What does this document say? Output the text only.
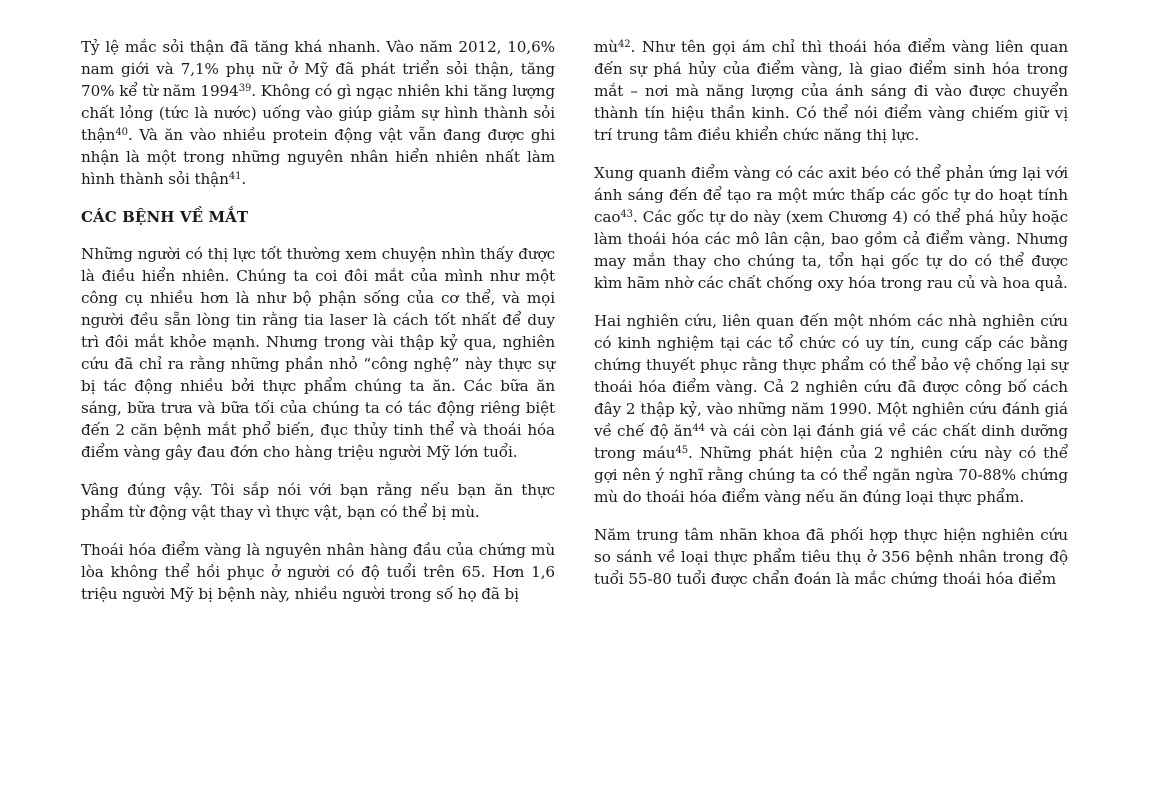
Tỷ lệ mắc sỏi thận đã tăng khá nhanh. Vào năm 2012, 10,6% nam giới và 7,1% phụ nữ ở Mỹ đã phát triển sỏi thận, tăng 70% kể từ năm 1994$^{39}$. Không có gì ngạc nhiên khi tăng lượng chất lỏng (tức là nước) uống vào giúp giảm sự hình thành sỏi thận$^{40}$. Và ăn vào nhiều protein động vật vẫn đang được ghi nhận là một trong những nguyên nhân hiển nhiên nhất làm hình thành sỏi thận$^{41}$.

CÁC BỆNH VỀ MẮT

Những người có thị lực tốt thường xem chuyện nhìn thấy được là điều hiển nhiên. Chúng ta coi đôi mắt của mình như một công cụ nhiều hơn là như bộ phận sống của cơ thể, và mọi người đều sẵn lòng tin rằng tia laser là cách tốt nhất để duy trì đôi mắt khỏe mạnh. Nhưng trong vài thập kỷ qua, nghiên cứu đã chỉ ra rằng những phần nhỏ “công nghệ” này thực sự bị tác động nhiều bởi thực phẩm chúng ta ăn. Các bữa ăn sáng, bữa trưa và bữa tối của chúng ta có tác động riêng biệt đến 2 căn bệnh mắt phổ biến, đục thủy tinh thể và thoái hóa điểm vàng gây đau đớn cho hàng triệu người Mỹ lớn tuổi.

Vâng đúng vậy. Tôi sắp nói với bạn rằng nếu bạn ăn thực phẩm từ động vật thay vì thực vật, bạn có thể bị mù.

Thoái hóa điểm vàng là nguyên nhân hàng đầu của chứng mù lòa không thể hồi phục ở người có độ tuổi trên 65. Hơn 1,6 triệu người Mỹ bị bệnh này, nhiều người trong số họ đã bị

$mù^{42}$. Như tên gọi ám chỉ thì thoái hóa điểm vàng liên quan đến sự phá hủy của điểm vàng, là giao điểm sinh hóa trong mắt – nơi mà năng lượng của ánh sáng đi vào được chuyển thành tín hiệu thần kinh. Có thể nói điểm vàng chiếm giữ vị trí trung tâm điều khiển chức năng thị lực.

Xung quanh điểm vàng có các axit béo có thể phản ứng lại với ánh sáng đến để tạo ra một mức thấp các gốc tự do hoạt tính cao$^{43}$. Các gốc tự do này (xem Chương 4) có thể phá hủy hoặc làm thoái hóa các mô lân cận, bao gồm cả điểm vàng. Nhưng may mắn thay cho chúng ta, tổn hại gốc tự do có thể được kìm hãm nhờ các chất chống oxy hóa trong rau củ và hoa quả.

Hai nghiên cứu, liên quan đến một nhóm các nhà nghiên cứu có kinh nghiệm tại các tổ chức có uy tín, cung cấp các bằng chứng thuyết phục rằng thực phẩm có thể bảo vệ chống lại sự thoái hóa điểm vàng. Cả 2 nghiên cứu đã được công bố cách đây 2 thập kỷ, vào những năm 1990. Một nghiên cứu đánh giá về chế độ $ăn^{44}$ và cái còn lại đánh giá về các chất dinh dưỡng trong máu$^{45}$. Những phát hiện của 2 nghiên cứu này có thể gợi nên ý nghĩ rằng chúng ta có thể ngăn ngừa 70-88% chứng mù do thoái hóa điểm vàng nếu ăn đúng loại thực phẩm.

Năm trung tâm nhãn khoa đã phối hợp thực hiện nghiên cứu so sánh về loại thực phẩm tiêu thụ ở 356 bệnh nhân trong độ tuổi 55-80 tuổi được chẩn đoán là mắc chứng thoái hóa điểm
